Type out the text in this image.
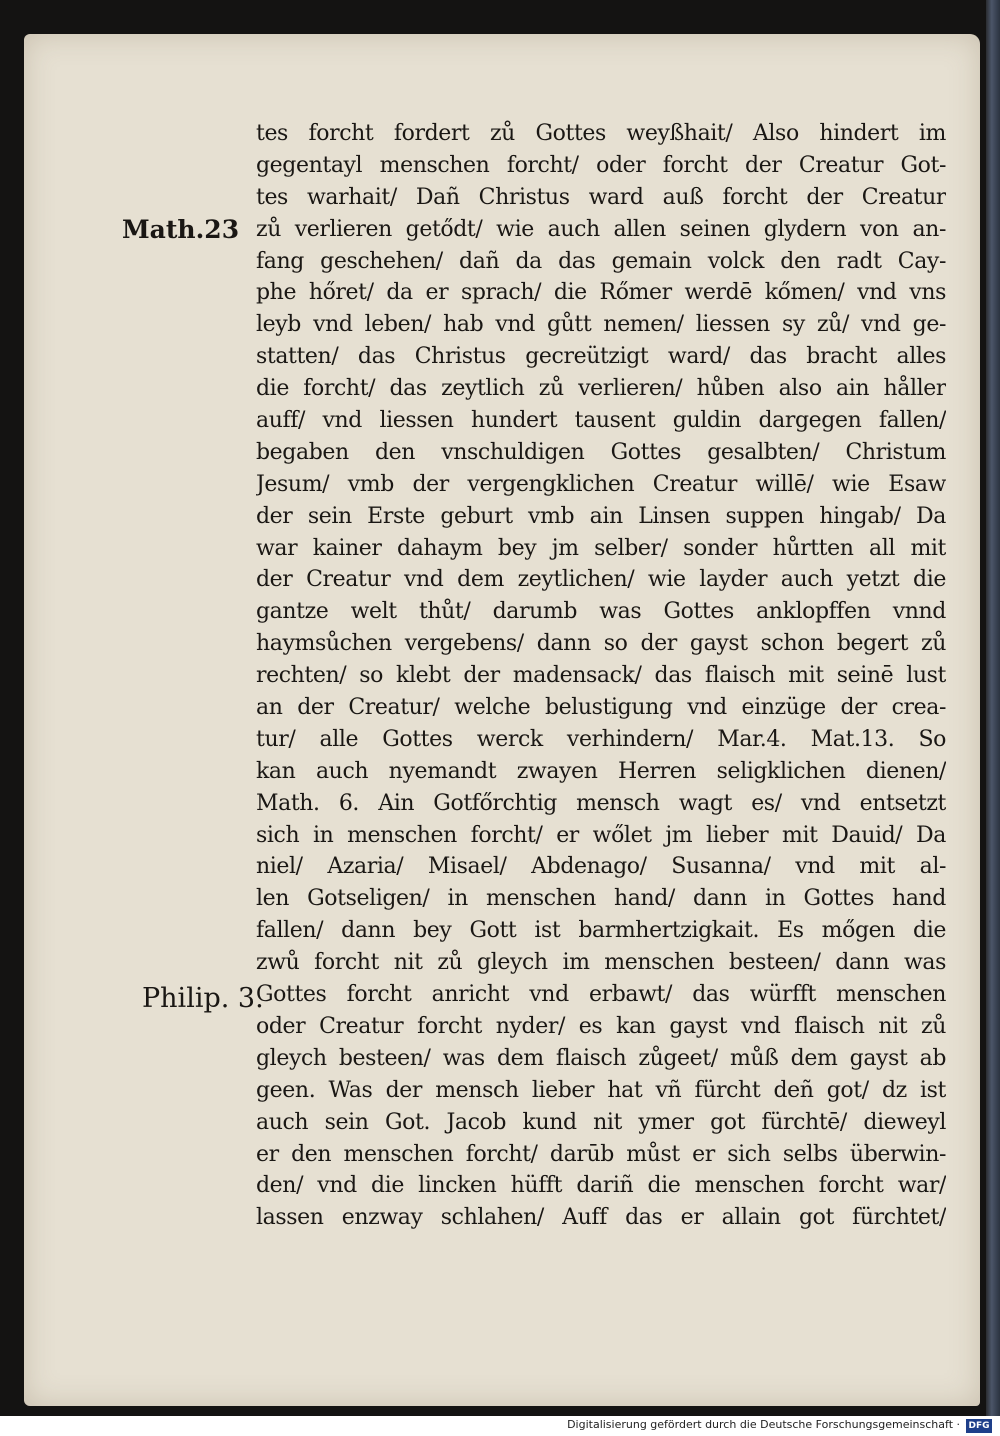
Math.23
Philip. 3.
tes forcht fordert zů Gottes weyßhait/ Also hindert im
gegentayl menschen forcht/ oder forcht der Creatur Got-
tes warhait/ Dañ Christus ward auß forcht der Creatur
zů verlieren getődt/ wie auch allen seinen glydern von an-
fang geschehen/ dañ da das gemain volck den radt Cay-
phe hőret/ da er sprach/ die Rőmer werdē kőmen/ vnd vns
leyb vnd leben/ hab vnd gůtt nemen/ liessen sy zů/ vnd ge-
statten/ das Christus gecreützigt ward/ das bracht alles
die forcht/ das zeytlich zů verlieren/ hůben also ain håller
auff/ vnd liessen hundert tausent guldin dargegen fallen/
begaben den vnschuldigen Gottes gesalbten/ Christum
Jesum/ vmb der vergengklichen Creatur willē/ wie Esaw
der sein Erste geburt vmb ain Linsen suppen hingab/ Da
war kainer dahaym bey jm selber/ sonder hůrtten all mit
der Creatur vnd dem zeytlichen/ wie layder auch yetzt die
gantze welt thůt/ darumb was Gottes anklopffen vnnd
haymsůchen vergebens/ dann so der gayst schon begert zů
rechten/ so klebt der madensack/ das flaisch mit seinē lust
an der Creatur/ welche belustigung vnd einzüge der crea-
tur/ alle Gottes werck verhindern/ Mar.4. Mat.13. So
kan auch nyemandt zwayen Herren seligklichen dienen/
Math. 6. Ain Gotfőrchtig mensch wagt es/ vnd entsetzt
sich in menschen forcht/ er wőlet jm lieber mit Dauid/ Da
niel/ Azaria/ Misael/ Abdenago/ Susanna/ vnd mit al-
len Gotseligen/ in menschen hand/ dann in Gottes hand
fallen/ dann bey Gott ist barmhertzigkait. Es mőgen die
zwů forcht nit zů gleych im menschen besteen/ dann was
Gottes forcht anricht vnd erbawt/ das würfft menschen
oder Creatur forcht nyder/ es kan gayst vnd flaisch nit zů
gleych besteen/ was dem flaisch zůgeet/ můß dem gayst ab
geen. Was der mensch lieber hat vñ fürcht deñ got/ dz ist
auch sein Got. Jacob kund nit ymer got fürchtē/ dieweyl
er den menschen forcht/ darūb můst er sich selbs überwin-
den/ vnd die lincken hüfft dariñ die menschen forcht war/
lassen enzway schlahen/ Auff das er allain got fürchtet/
Digitalisierung gefördert durch die Deutsche Forschungsgemeinschaft · DFG
